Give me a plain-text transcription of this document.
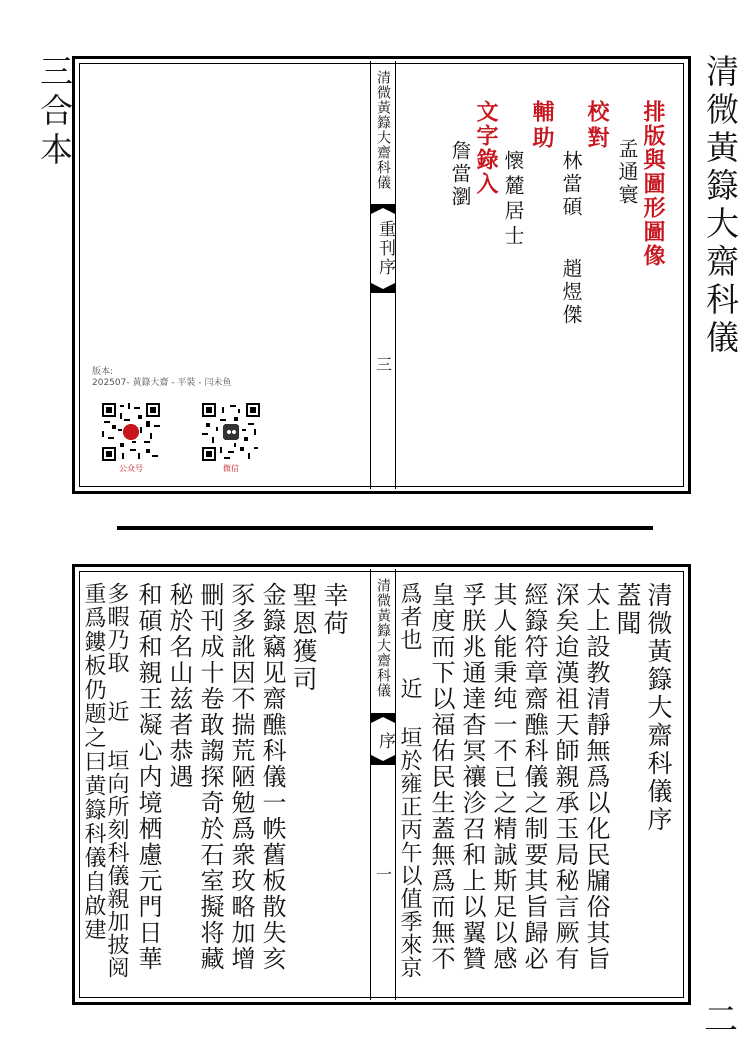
清微黃籙大齋科儀
三合本
二
清微黃籙大齋科儀
重刊序
三
排版與圖形圖像
孟通寰
校對
林當碩
趙煜傑
輔助
懷麓居士
文字錄入
詹當瀏
版本:
202507- 黃籙大齋 - 平裝 - 闫未鱼
公众号	微信
清微黃籙大齋科儀
序
一
清微黃籙大齋科儀序
蓋聞
太上設教清靜無爲以化民牖俗其旨
深矣迨漢祖天師親承玉局秘言厥有
經籙符章齋醮科儀之制要其旨歸必
其人能秉纯一不已之精誠斯足以感
孚朕兆通達杳冥禳沴召和上以翼贊
皇度而下以福佑民生蓋無爲而無不
爲者也 近 垣於雍正丙午以值季來京
幸荷
聖恩獲司
金籙竊见齋醮科儀一帙舊板散失亥
豕多訛因不揣荒陋勉爲衆玫略加增
刪刊成十卷敢謅探奇於石室擬将藏
秘於名山兹者恭遇
和碩和親王凝心内境栖慮元門日華
多暇乃取 近 垣向所刻科儀親加披阅
重爲鏤板仍题之曰黄籙科儀自啟建
